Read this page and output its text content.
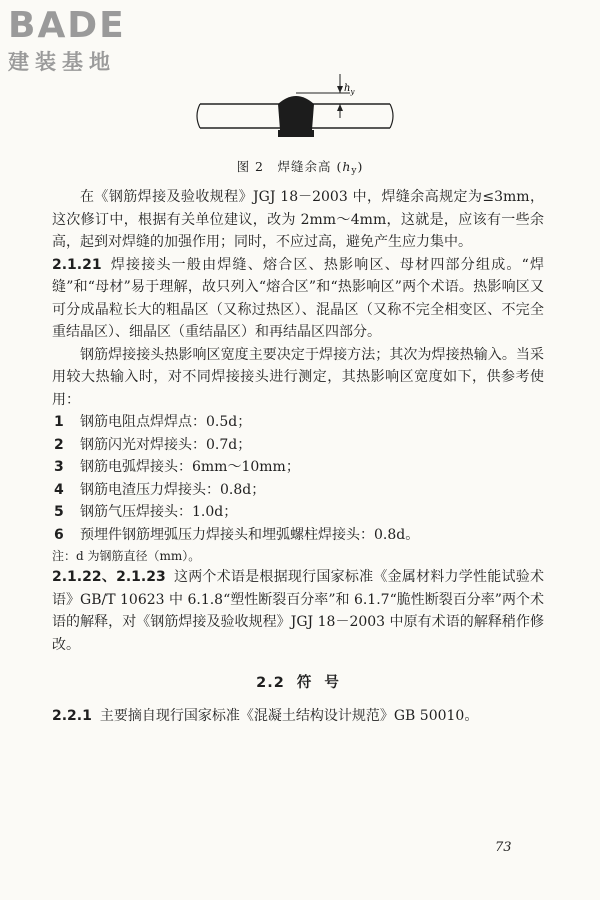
BADE
建装基地
$h_y$
图 2　焊缝余高 $(h_y)$

在《钢筋焊接及验收规程》JGJ 18－2003 中，焊缝余高规定为≤3mm，这次修订中，根据有关单位建议，改为 2mm～4mm，这就是，应该有一些余高，起到对焊缝的加强作用；同时，不应过高，避免产生应力集中。

2.1.21 焊接接头一般由焊缝、熔合区、热影响区、母材四部分组成。“焊缝”和“母材”易于理解，故只列入“熔合区”和“热影响区”两个术语。热影响区又可分成晶粒长大的粗晶区（又称过热区）、混晶区（又称不完全相变区、不完全重结晶区）、细晶区（重结晶区）和再结晶区四部分。

钢筋焊接接头热影响区宽度主要决定于焊接方法；其次为焊接热输入。当采用较大热输入时，对不同焊接接头进行测定，其热影响区宽度如下，供参考使用：

1 钢筋电阻点焊焊点：0.5d；

2 钢筋闪光对焊接头：0.7d；

3 钢筋电弧焊接头：6mm～10mm；

4 钢筋电渣压力焊接头：0.8d；

5 钢筋气压焊接头：1.0d；

6 预埋件钢筋埋弧压力焊接头和埋弧螺柱焊接头：0.8d。

注：d 为钢筋直径（mm）。

2.1.22、2.1.23 这两个术语是根据现行国家标准《金属材料力学性能试验术语》GB/T 10623 中 6.1.8“塑性断裂百分率”和 6.1.7“脆性断裂百分率”两个术语的解释，对《钢筋焊接及验收规程》JGJ 18－2003 中原有术语的解释稍作修改。

2.2 符 号

2.2.1 主要摘自现行国家标准《混凝土结构设计规范》GB 50010。

73
